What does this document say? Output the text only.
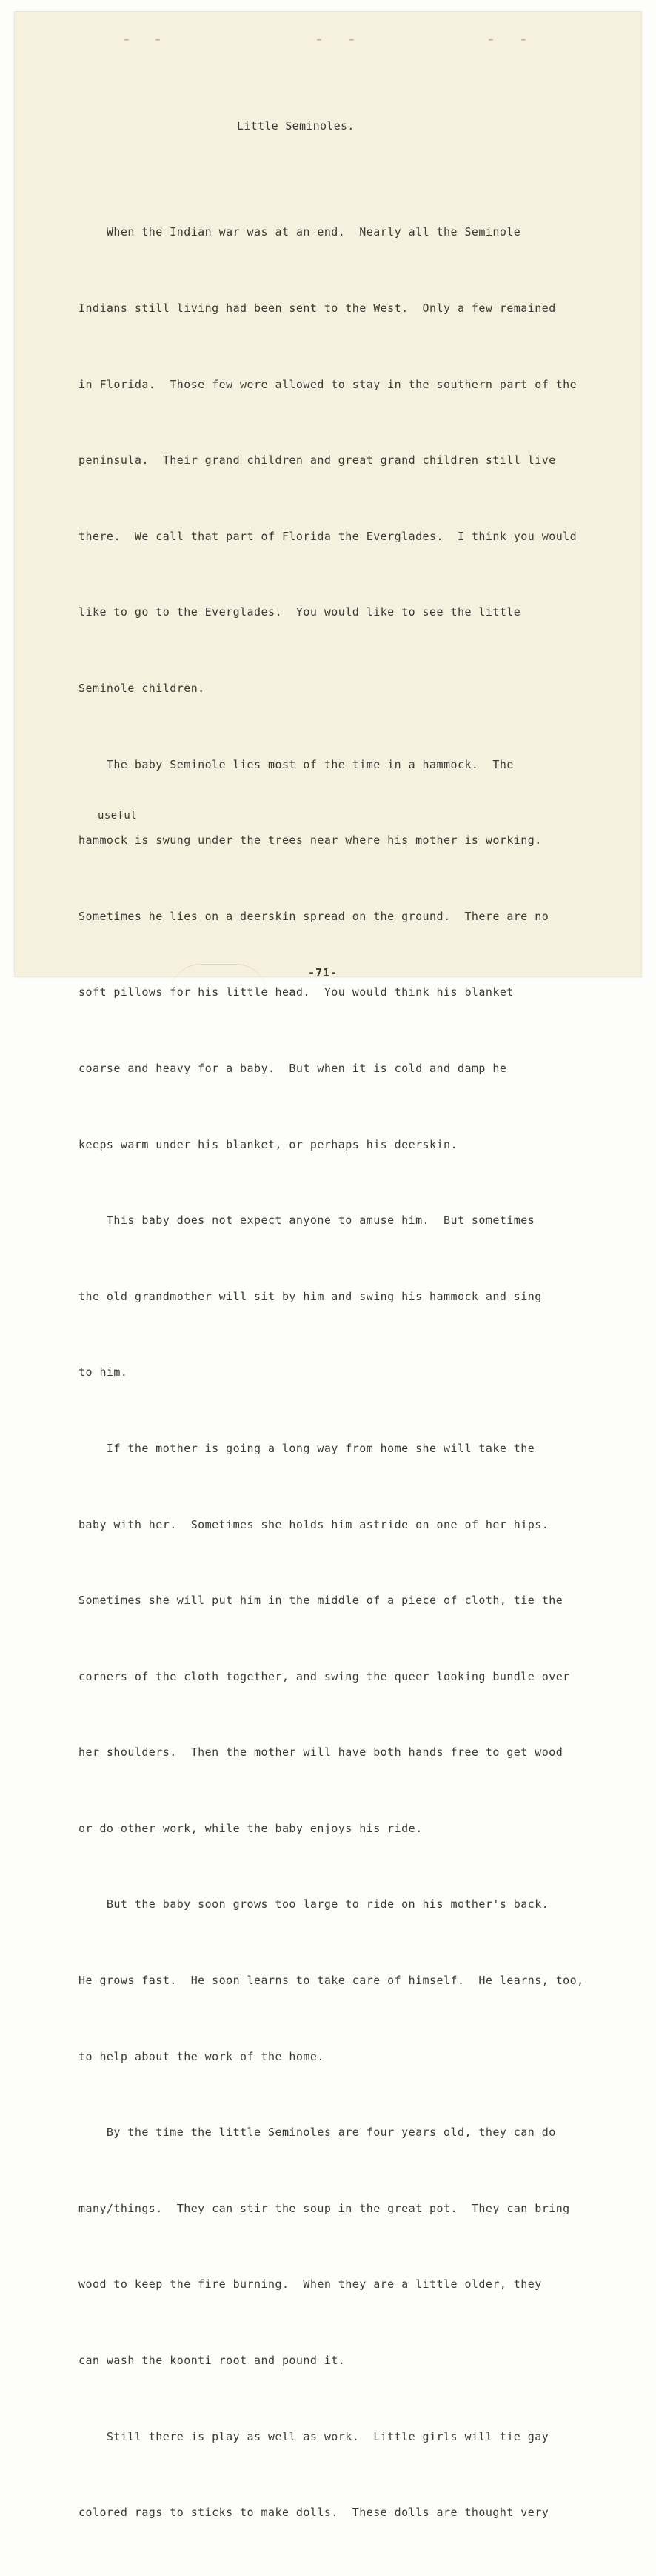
Little Seminoles.

When the Indian war was at an end.  Nearly all the Seminole

Indians still living had been sent to the West.  Only a few remained

in Florida.  Those few were allowed to stay in the southern part of the

peninsula.  Their grand children and great grand children still live

there.  We call that part of Florida the Everglades.  I think you would

like to go to the Everglades.  You would like to see the little

Seminole children.

The baby Seminole lies most of the time in a hammock.  The

hammock is swung under the trees near where his mother is working.

Sometimes he lies on a deerskin spread on the ground.  There are no

soft pillows for his little head.  You would think his blanket

coarse and heavy for a baby.  But when it is cold and damp he

keeps warm under his blanket, or perhaps his deerskin.

This baby does not expect anyone to amuse him.  But sometimes

the old grandmother will sit by him and swing his hammock and sing

to him.

If the mother is going a long way from home she will take the

baby with her.  Sometimes she holds him astride on one of her hips.

Sometimes she will put him in the middle of a piece of cloth, tie the

corners of the cloth together, and swing the queer looking bundle over

her shoulders.  Then the mother will have both hands free to get wood

or do other work, while the baby enjoys his ride.

But the baby soon grows too large to ride on his mother's back.

He grows fast.  He soon learns to take care of himself.  He learns, too,

to help about the work of the home.

By the time the little Seminoles are four years old, they can do

many/things.  They can stir the soup in the great pot.  They can bring

wood to keep the fire burning.  When they are a little older, they

can wash the koonti root and pound it.

Still there is play as well as work.  Little girls will tie gay

colored rags to sticks to make dolls.  These dolls are thought very

useful
-71-
